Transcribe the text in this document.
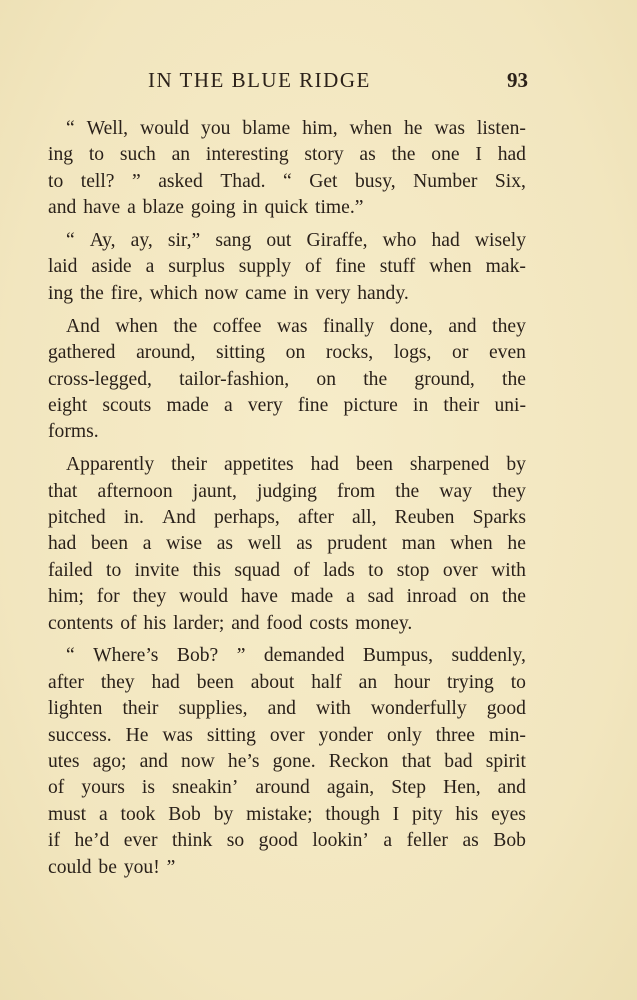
IN THE BLUE RIDGE	93
“ Well, would you blame him, when he was listen-
ing to such an interesting story as the one I had
to tell? ” asked Thad. “ Get busy, Number Six,
and have a blaze going in quick time.”
“ Ay, ay, sir,” sang out Giraffe, who had wisely
laid aside a surplus supply of fine stuff when mak-
ing the fire, which now came in very handy.
And when the coffee was finally done, and they
gathered around, sitting on rocks, logs, or even
cross-legged, tailor-fashion, on the ground, the
eight scouts made a very fine picture in their uni-
forms.
Apparently their appetites had been sharpened by
that afternoon jaunt, judging from the way they
pitched in. And perhaps, after all, Reuben Sparks
had been a wise as well as prudent man when he
failed to invite this squad of lads to stop over with
him; for they would have made a sad inroad on the
contents of his larder; and food costs money.
“ Where’s Bob? ” demanded Bumpus, suddenly,
after they had been about half an hour trying to
lighten their supplies, and with wonderfully good
success. He was sitting over yonder only three min-
utes ago; and now he’s gone. Reckon that bad spirit
of yours is sneakin’ around again, Step Hen, and
must a took Bob by mistake; though I pity his eyes
if he’d ever think so good lookin’ a feller as Bob
could be you! ”
